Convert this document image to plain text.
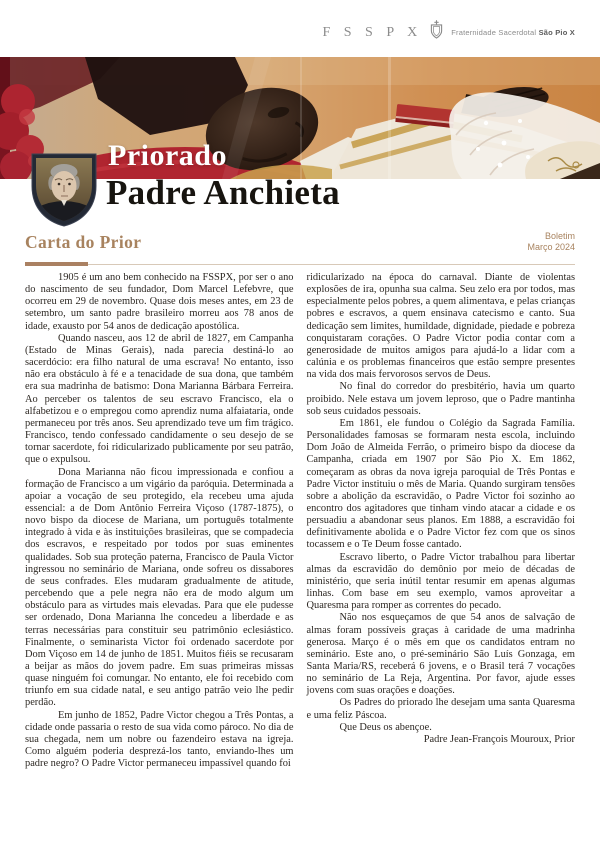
F S S P X	Fraternidade Sacerdotal São Pio X
Priorado
Padre Anchieta
Carta do Prior	Boletim
Março 2024

1905 é um ano bem conhecido na FSSPX, por ser o ano do nascimento de seu fundador, Dom Marcel Lefebvre, que ocorreu em 29 de novembro. Quase dois meses antes, em 23 de setembro, um santo padre brasileiro morreu aos 78 anos de idade, exausto por 54 anos de dedicação apostólica.

Quando nasceu, aos 12 de abril de 1827, em Campanha (Estado de Minas Gerais), nada parecia destiná-lo ao sacerdócio: era filho natural de uma escrava! No entanto, isso não era obstáculo à fé e a tenacidade de sua dona, que também era sua madrinha de batismo: Dona Marianna Bárbara Ferreira. Ao perceber os talentos de seu escravo Francisco, ela o alfabetizou e o empregou como aprendiz numa alfaiataria, onde permaneceu por três anos. Seu aprendizado teve um fim trágico. Francisco, tendo confessado candidamente o seu desejo de se tornar sacerdote, foi ridicularizado publicamente por seu patrão, que o expulsou.

Dona Marianna não ficou impressionada e confiou a formação de Francisco a um vigário da paróquia. Determinada a apoiar a vocação de seu protegido, ela recebeu uma ajuda essencial: a de Dom Antônio Ferreira Viçoso (1787-1875), o novo bispo da diocese de Mariana, um português totalmente integrado à vida e às instituições brasileiras, que se compadecia dos escravos, e respeitado por todos por suas eminentes qualidades. Sob sua proteção paterna, Francisco de Paula Victor ingressou no seminário de Mariana, onde sofreu os dissabores de seus confrades. Eles mudaram gradualmente de atitude, percebendo que a pele negra não era de modo algum um obstáculo para as virtudes mais elevadas. Para que ele pudesse ser ordenado, Dona Marianna lhe concedeu a liberdade e as terras necessárias para constituir seu patrimônio eclesiástico. Finalmente, o seminarista Victor foi ordenado sacerdote por Dom Viçoso em 14 de junho de 1851. Muitos fiéis se recusaram a beijar as mãos do jovem padre. Em suas primeiras missas quase ninguém foi comungar. No entanto, ele foi recebido com triunfo em sua cidade natal, e seu antigo patrão veio lhe pedir perdão.

Em junho de 1852, Padre Victor chegou a Três Pontas, a cidade onde passaria o resto de sua vida como pároco. No dia de sua chegada, nem um nobre ou fazendeiro estava na igreja. Como alguém poderia desprezá-los tanto, enviando-lhes um padre negro? O Padre Victor permaneceu impassível quando foi

ridicularizado na época do carnaval. Diante de violentas explosões de ira, opunha sua calma. Seu zelo era por todos, mas especialmente pelos pobres, a quem alimentava, e pelas crianças pobres e escravos, a quem ensinava catecismo e canto. Sua dedicação sem limites, humildade, dignidade, piedade e pobreza conquistaram corações. O Padre Victor podia contar com a generosidade de muitos amigos para ajudá-lo a lidar com a calúnia e os problemas financeiros que estão sempre presentes na vida dos mais fervorosos servos de Deus.

No final do corredor do presbitério, havia um quarto proibido. Nele estava um jovem leproso, que o Padre mantinha sob seus cuidados pessoais.

Em 1861, ele fundou o Colégio da Sagrada Família. Personalidades famosas se formaram nesta escola, incluindo Dom João de Almeida Ferrão, o primeiro bispo da diocese da Campanha, criada em 1907 por São Pio X. Em 1862, começaram as obras da nova igreja paroquial de Três Pontas e Padre Victor instituiu o mês de Maria. Quando surgiram tensões sobre a abolição da escravidão, o Padre Victor foi sozinho ao encontro dos agitadores que tinham vindo atacar a cidade e os persuadiu a abandonar seus planos. Em 1888, a escravidão foi definitivamente abolida e o Padre Victor fez com que os sinos tocassem e o Te Deum fosse cantado.

Escravo liberto, o Padre Victor trabalhou para libertar almas da escravidão do demônio por meio de décadas de ministério, que seria inútil tentar resumir em apenas algumas linhas. Com base em seu exemplo, vamos aproveitar a Quaresma para romper as correntes do pecado.

Não nos esqueçamos de que 54 anos de salvação de almas foram possíveis graças à caridade de uma madrinha generosa. Março é o mês em que os candidatos entram no seminário. Este ano, o pré-seminário São Luís Gonzaga, em Santa Maria/RS, receberá 6 jovens, e o Brasil terá 7 vocações no seminário de La Reja, Argentina. Por favor, ajude esses jovens com suas orações e doações.

Os Padres do priorado lhe desejam uma santa Quaresma e uma feliz Páscoa.

Que Deus os abençoe.

Padre Jean-François Mouroux, Prior
